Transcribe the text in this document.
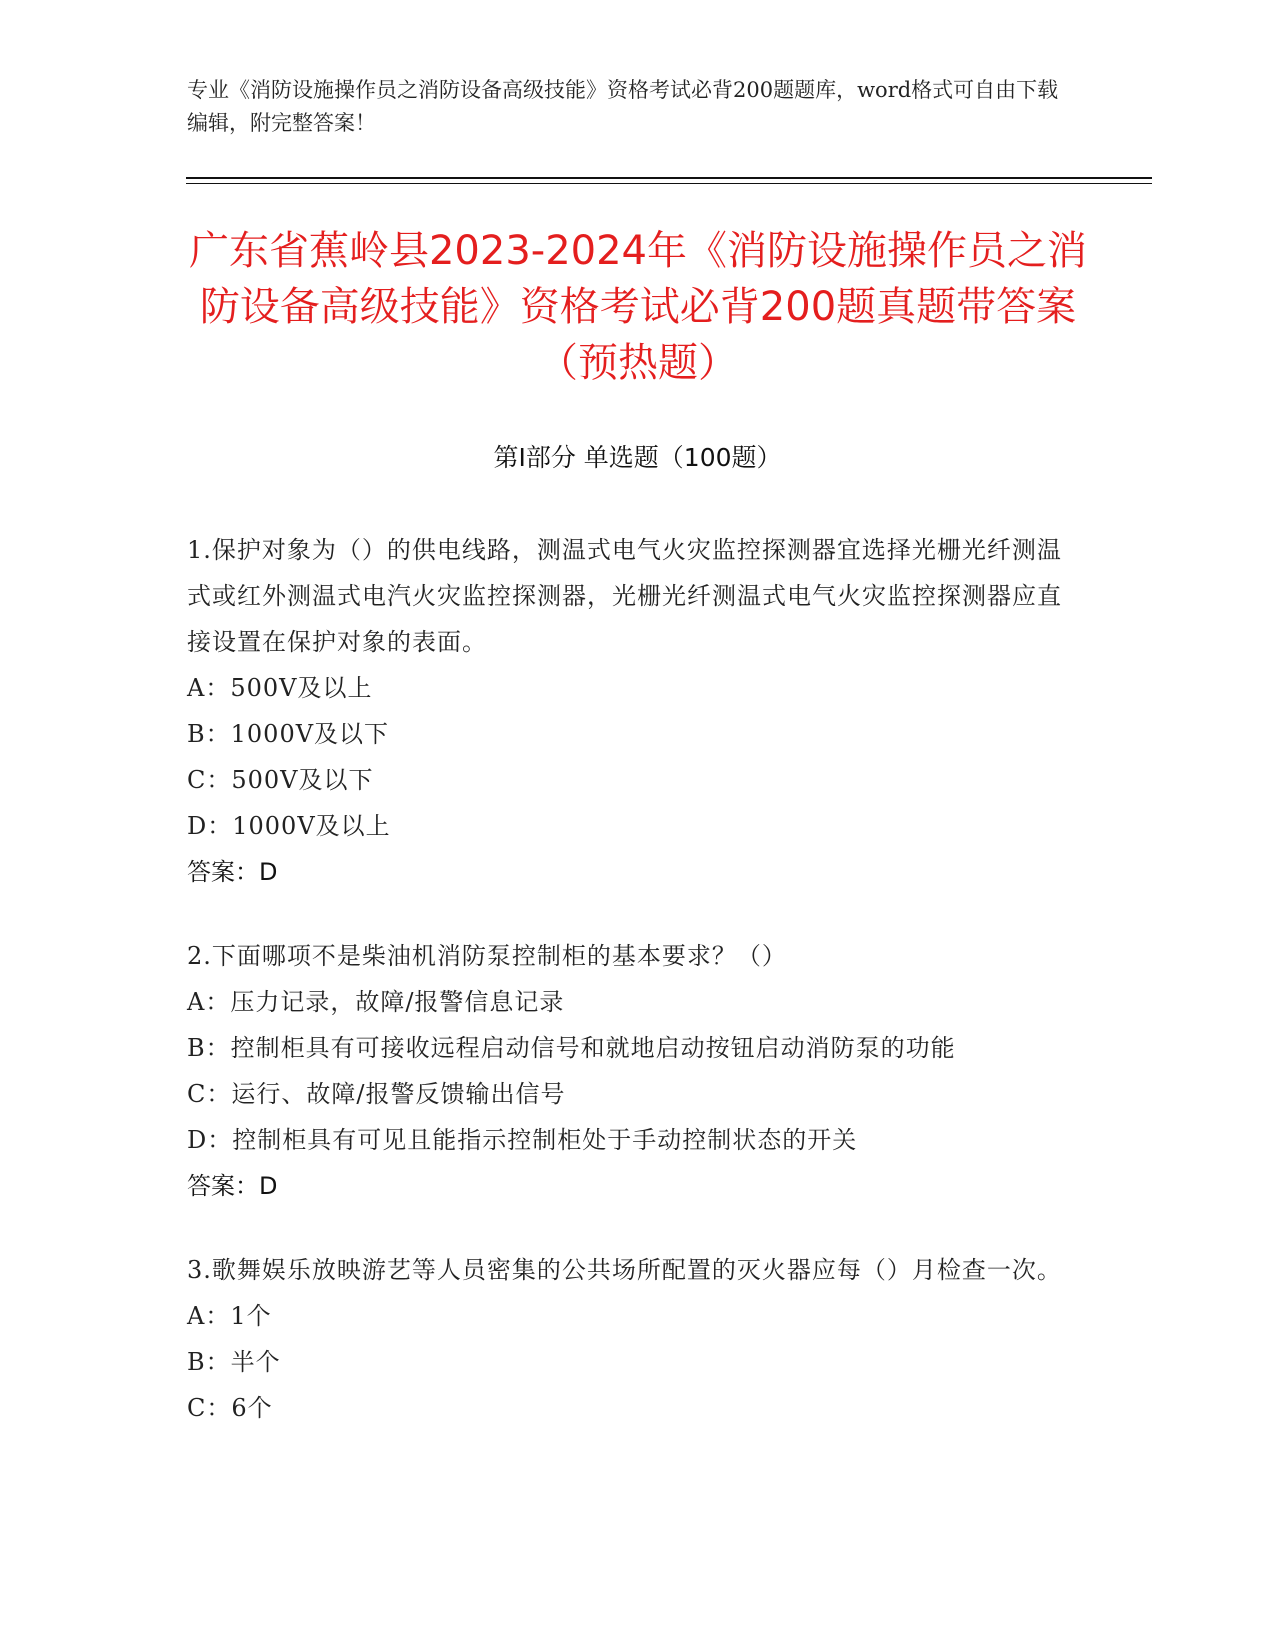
专业《消防设施操作员之消防设备高级技能》资格考试必背200题题库，word格式可自由下载编辑，附完整答案！
广东省蕉岭县2023-2024年《消防设施操作员之消防设备高级技能》资格考试必背200题真题带答案（预热题）
第Ⅰ部分 单选题（100题）
1.保护对象为（）的供电线路，测温式电气火灾监控探测器宜选择光栅光纤测温式或红外测温式电汽火灾监控探测器，光栅光纤测温式电气火灾监控探测器应直接设置在保护对象的表面。
A：500V及以上
B：1000V及以下
C：500V及以下
D：1000V及以上
答案：D
2.下面哪项不是柴油机消防泵控制柜的基本要求？（）
A：压力记录，故障/报警信息记录
B：控制柜具有可接收远程启动信号和就地启动按钮启动消防泵的功能
C：运行、故障/报警反馈输出信号
D：控制柜具有可见且能指示控制柜处于手动控制状态的开关
答案：D
3.歌舞娱乐放映游艺等人员密集的公共场所配置的灭火器应每（）月检查一次。
A：1个
B：半个
C：6个
